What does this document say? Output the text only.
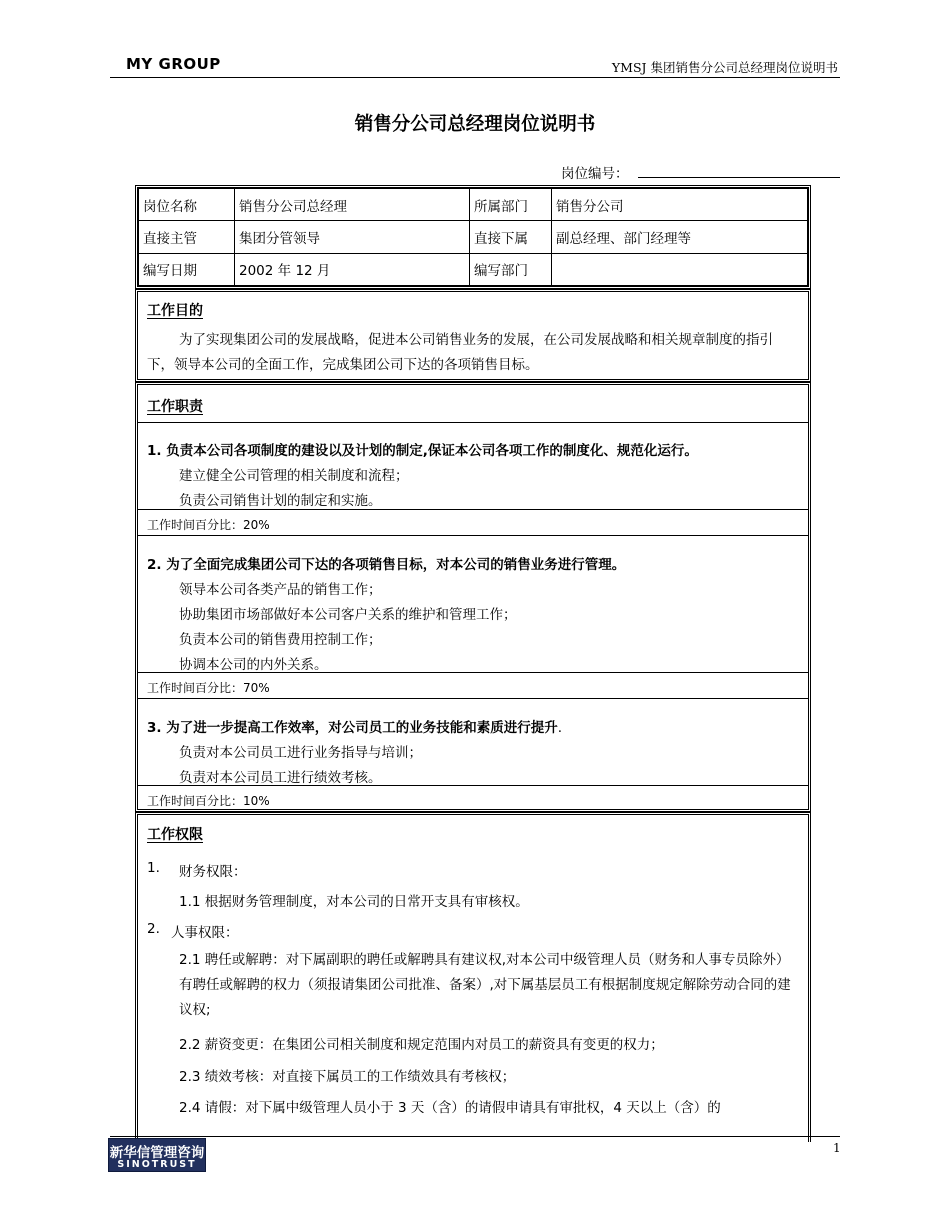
MY GROUP	YMSJ 集团销售分公司总经理岗位说明书
销售分公司总经理岗位说明书
岗位编号：
岗位名称	销售分公司总经理	所属部门	销售分公司
直接主管	集团分管领导	直接下属	副总经理、部门经理等
编写日期	2002 年 12 月	编写部门	
工作目的
为了实现集团公司的发展战略，促进本公司销售业务的发展，在公司发展战略和相关规章制度的指引下，领导本公司的全面工作，完成集团公司下达的各项销售目标。
工作职责
1. 负责本公司各项制度的建设以及计划的制定,保证本公司各项工作的制度化、规范化运行。
建立健全公司管理的相关制度和流程；
负责公司销售计划的制定和实施。
工作时间百分比：20%
2. 为了全面完成集团公司下达的各项销售目标，对本公司的销售业务进行管理。
领导本公司各类产品的销售工作；
协助集团市场部做好本公司客户关系的维护和管理工作；
负责本公司的销售费用控制工作；
协调本公司的内外关系。
工作时间百分比：70%
3. 为了进一步提高工作效率，对公司员工的业务技能和素质进行提升.
负责对本公司员工进行业务指导与培训；
负责对本公司员工进行绩效考核。
工作时间百分比：10%
工作权限
1. 财务权限：
1.1 根据财务管理制度，对本公司的日常开支具有审核权。
2. 人事权限：
2.1 聘任或解聘：对下属副职的聘任或解聘具有建议权,对本公司中级管理人员（财务和人事专员除外）有聘任或解聘的权力（须报请集团公司批准、备案）,对下属基层员工有根据制度规定解除劳动合同的建议权;
2.2 薪资变更：在集团公司相关制度和规定范围内对员工的薪资具有变更的权力；
2.3 绩效考核：对直接下属员工的工作绩效具有考核权；
2.4 请假：对下属中级管理人员小于 3 天（含）的请假申请具有审批权，4 天以上（含）的
新华信管理咨询
SINOTRUST
1
